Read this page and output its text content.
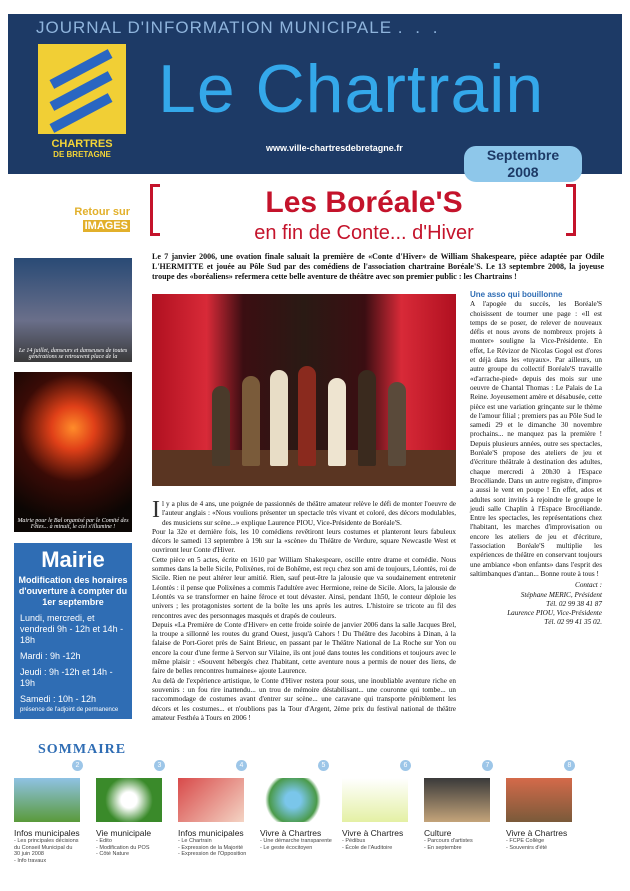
JOURNAL D'INFORMATION MUNICIPALE . . .
CHARTRES
DE BRETAGNE
Le Chartrain
www.ville-chartresdebretagne.fr	Septembre
2008
Retour sur
IMAGES
Le 14 juillet, danseurs et danseuses de toutes générations se retrouvent place de la
Mairie pour le Bal organisé par le Comité des Fêtes... à minuit, le ciel s'illumine !
Mairie
Modification des horaires d'ouverture à compter du 1er septembre
Lundi, mercredi, et vendredi 9h - 12h et 14h - 18h
Mardi : 9h -12h
Jeudi : 9h -12h et 14h - 19h
Samedi : 10h - 12h
présence de l'adjoint de permanence
Les Boréale'S
en fin de Conte... d'Hiver
Le 7 janvier 2006, une ovation finale saluait la première de «Conte d'Hiver» de William Shakespeare, pièce adaptée par Odile L'HERMITTE et jouée au Pôle Sud par des comédiens de l'association chartraine Boréale'S. Le 13 septembre 2008, la joyeuse troupe des «boréaliens» refermera cette belle aventure de théâtre avec son premier public : les Chartrains !
I l y a plus de 4 ans, une poignée de passionnés de théâtre amateur relève le défi de monter l'oeuvre de l'auteur anglais : «Nous voulions présenter un spectacle très vivant et coloré, des décors modulables, des musiciens sur scène...» explique Laurence PIOU, Vice-Présidente de Boréale'S.
Pour la 32e et dernière fois, les 10 comédiens revêtiront leurs costumes et planteront leurs fabuleux décors le samedi 13 septembre à 19h sur la «scène» du Théâtre de Verdure, square Newcastle West et ouvriront leur Conte d'Hiver.
Cette pièce en 5 actes, écrite en 1610 par William Shakespeare, oscille entre drame et comédie. Nous sommes dans la belle Sicile, Polixènes, roi de Bohême, est reçu chez son ami de toujours, Léontès, roi de Sicile. Rien ne peut altérer leur amitié. Rien, sauf peut-être la jalousie que va soudainement entretenir Léontès : il pense que Polixènes a commis l'adultère avec Hermione, reine de Sicile. Alors, la jalousie de Léontès va se transformer en haine féroce et tout dévaster. Ainsi, pendant 1h50, le conteur déploie les univers ; les protagonistes sortent de la boîte les uns après les autres. L'histoire se tricote au fil des rencontres avec des personnages masqués et drapés de couleurs.
Depuis «La Première de Conte d'Hiver» en cette froide soirée de janvier 2006 dans la salle Jacques Brel, la troupe a sillonné les routes du grand Ouest, jusqu'à Cahors ! Du Théâtre des Jacobins à Dinan, à la falaise de Port-Goret près de Saint Brieuc, en passant par le Théâtre National de La Roche sur Yon ou encore la cour d'une ferme à Servon sur Vilaine, ils ont joué dans toutes les conditions et toujours avec le même plaisir : «Souvent hébergés chez l'habitant, cette aventure nous a permis de nouer des liens, de faire de belles rencontres humaines» ajoute Laurence.
Au delà de l'expérience artistique, le Conte d'Hiver restera pour sous, une inoubliable aventure riche en souvenirs : un fou rire inattendu... un trou de mémoire déstabilisant... une couronne qui tombe... un raccommodage de costumes avant d'entrer sur scène... une caravane qui transporte péniblement les décors et les costumes... et n'oublions pas la Tour d'Argent, 2ème prix du festival national de théâtre amateur Festhéa à Tours en 2006 !
Une asso qui bouillonne
A l'apogée du succès, les Boréale'S choisissent de tourner une page : «Il est temps de se poser, de relever de nouveaux défis et nous avons de nombreux projets à monter» souligne la Vice-Présidente. En effet, Le Révizor de Nicolas Gogol est d'ores et déjà dans les «tuyaux». Par ailleurs, un autre groupe du collectif Boréale'S travaille «d'arrache-pied» depuis des mois sur une oeuvre de Chantal Thomas : Le Palais de La Reine. Joyeusement amère et désabusée, cette pièce est une variation grinçante sur le thème de l'amour filial ; premiers pas au Pôle Sud le samedi 29 et le dimanche 30 novembre prochains... ne manquez pas la première ! Depuis plusieurs années, outre ses spectacles, Boréale'S propose des ateliers de jeu et d'écriture théâtrale à destination des adultes, chaque mercredi à 20h30 à l'Espace Brocéliande. Dans un autre registre, d'impro» a aussi le vent en poupe ! En effet, ados et adultes sont invités à rejoindre le groupe le jeudi salle Chaplin à l'Espace Brocéliande. Entre les spectacles, les représentations chez l'habitant, les marches d'improvisation ou encore les ateliers de jeu et d'écriture, l'association Boréale'S multiplie les expériences de théâtre en conservant toujours une ambiance «bon enfants» dans l'esprit des saltimbanques d'antan... Bonne route à tous !
Contact :
Stéphane MERIC, Président
Tél. 02 99 38 41 87
Laurence PIOU, Vice-Présidente
Tél. 02 99 41 35 02.
SOMMAIRE
2	3	4	5	6	7	8
Infos municipales
- Les principales décisions
du Conseil Municipal du
30 juin 2008
- Info travaux
Vie municipale
- Edito
- Modification du POS
- Côté Nature
Infos municipales
- Le Chartrain
- Expression de la Majorité
- Expression de l'Opposition
Vivre à Chartres
- Une démarche transparente
- Le geste écocitoyen
Vivre à Chartres
- Pédibus
- École de l'Auditoire
Culture
- Parcours d'artistes
- En septembre
Vivre à Chartres
- FCPE Collège
- Souvenirs d'été
